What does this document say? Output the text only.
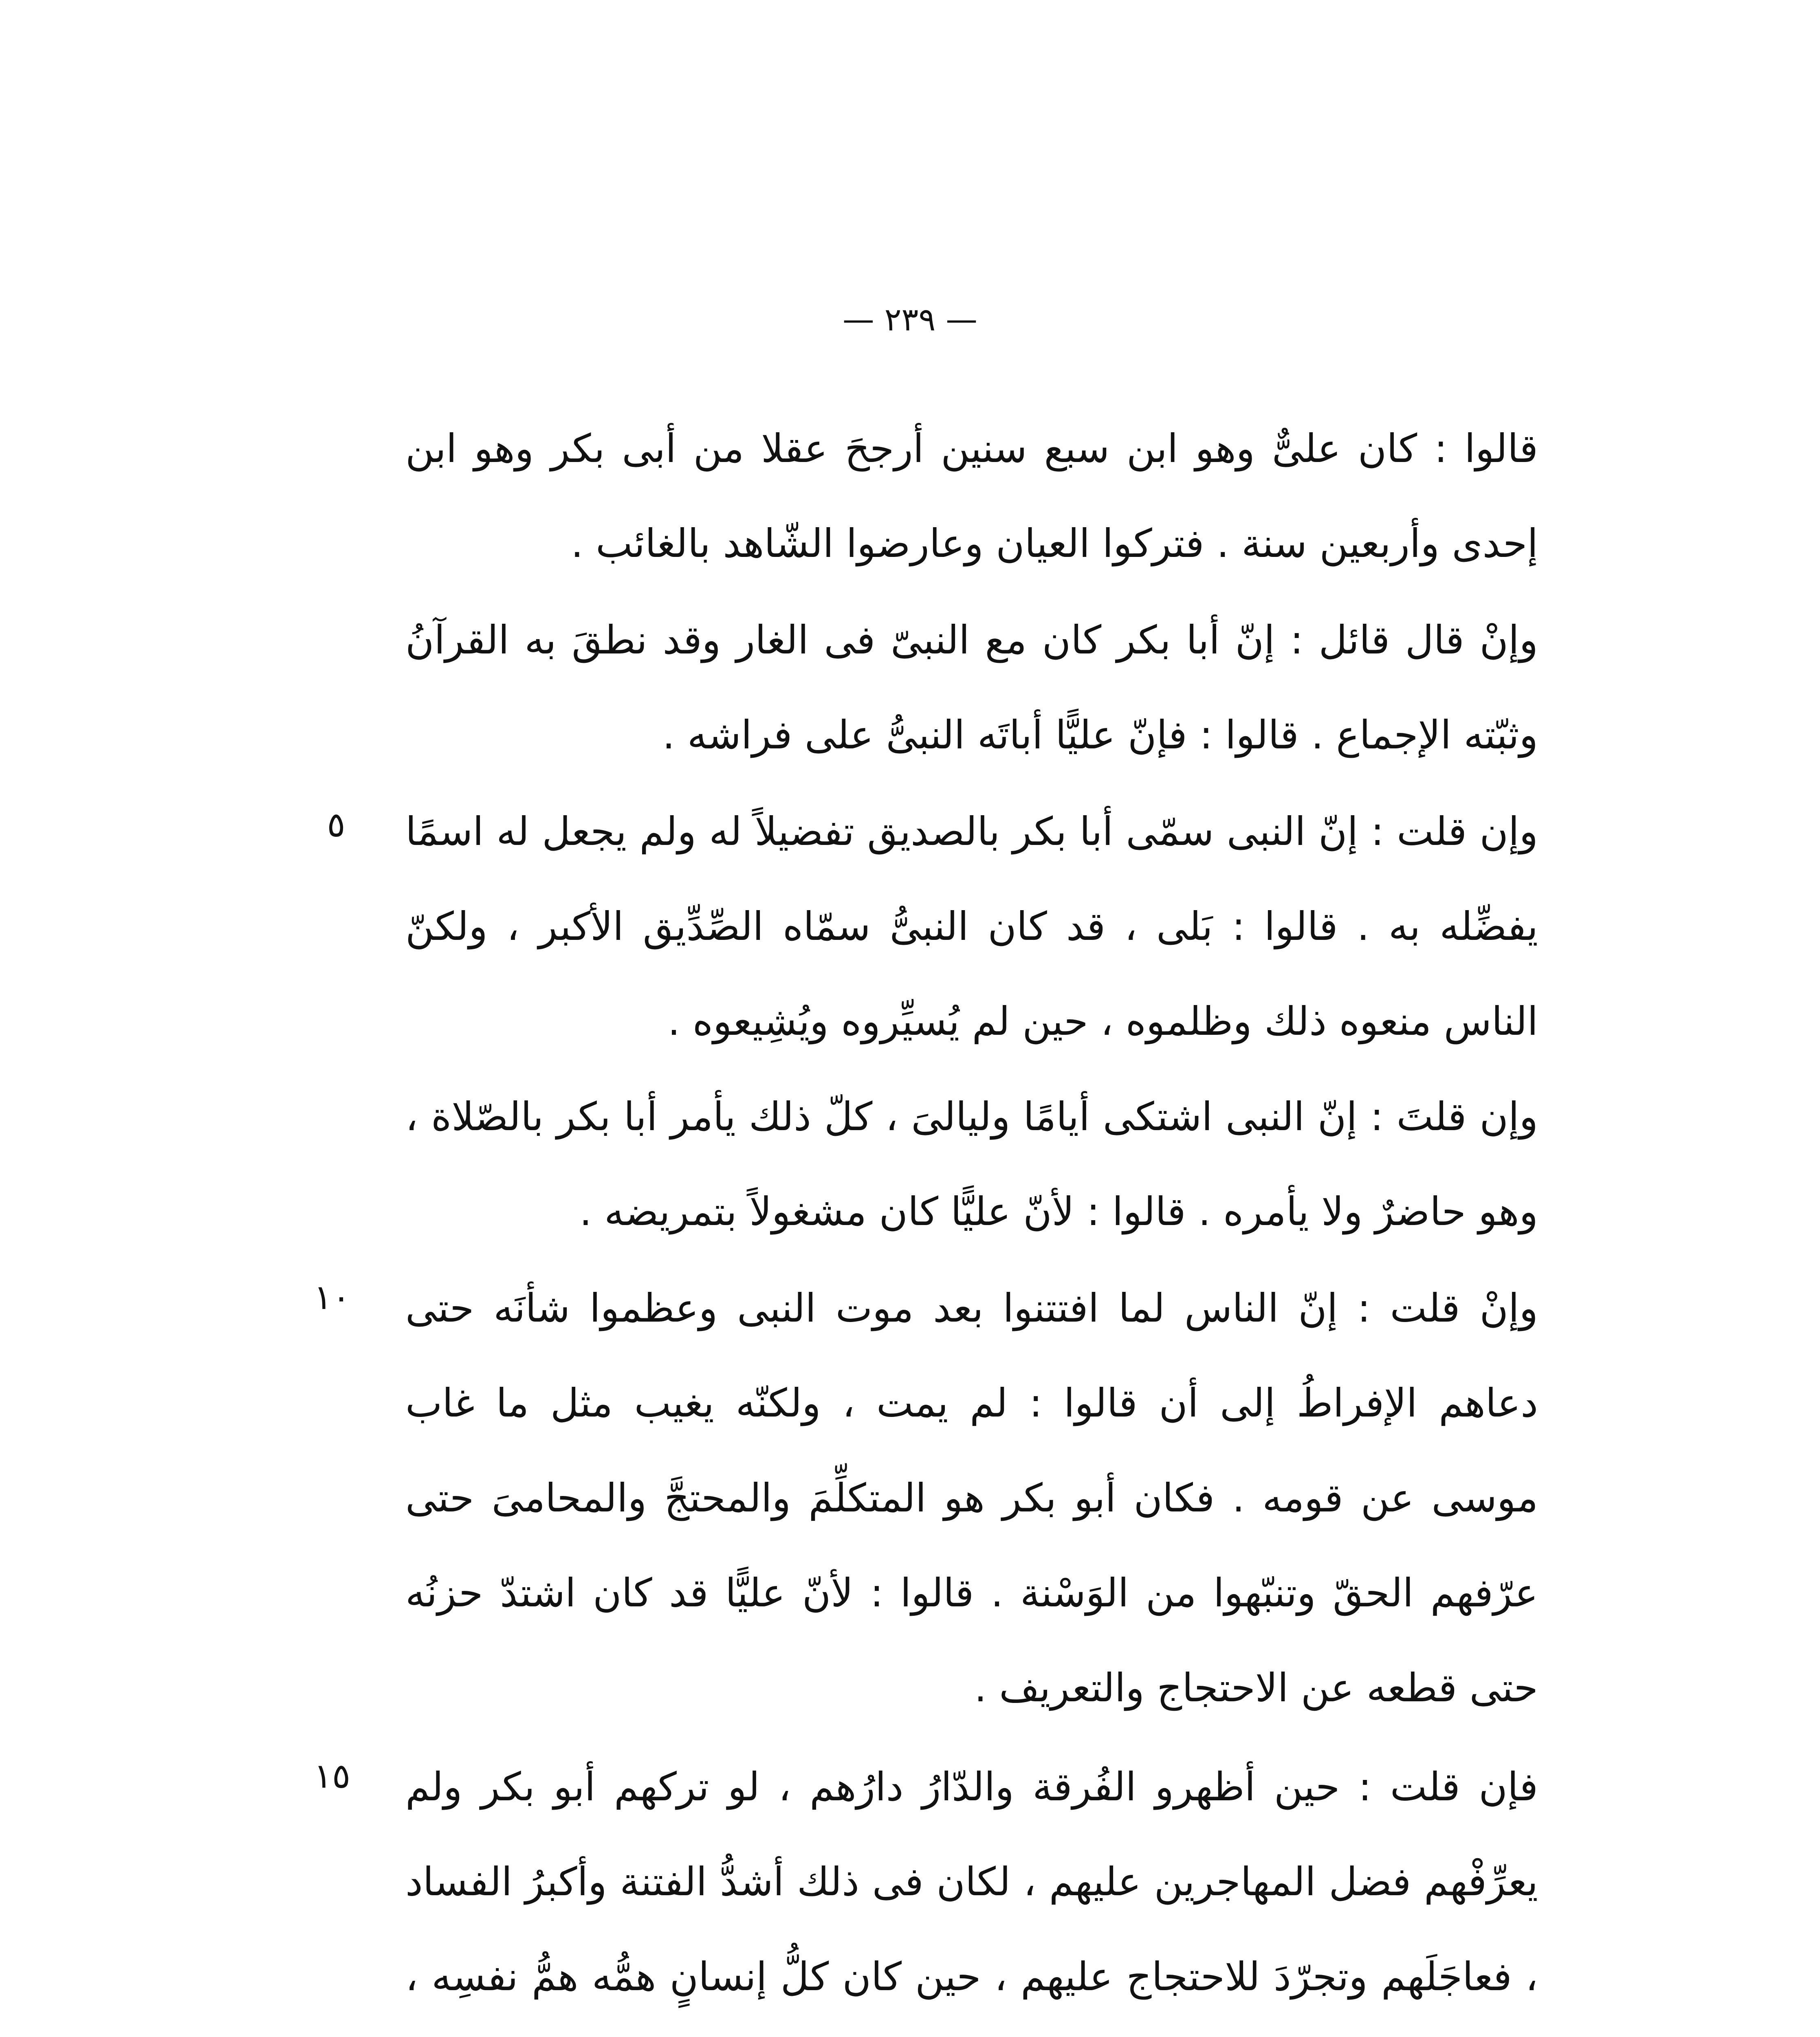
— ٢٣٩ —
قالوا : كان علىٌّ وهو ابن سبع سنين أرجحَ عقلا من أبى بكر وهو ابن إحدى وأربعين سنة . فتركوا العيان وعارضوا الشّاهد بالغائب .
وإنْ قال قائل : إنّ أبا بكر كان مع النبىّ فى الغار وقد نطقَ به القرآنُ وثبّته الإجماع . قالوا : فإنّ عليًّا أباتَه النبىُّ على فراشه .
وإن قلت : إنّ النبى سمّى أبا بكر بالصديق تفضيلاً له ولم يجعل له اسمًا يفضِّله به . قالوا : بَلى ، قد كان النبىُّ سمّاه الصِّدِّيق الأكبر ، ولكنّ الناس منعوه ذلك وظلموه ، حين لم يُسيِّروه ويُشِيعوه .
وإن قلتَ : إنّ النبى اشتكى أيامًا وليالىَ ، كلّ ذلك يأمر أبا بكر بالصّلاة ، وهو حاضرٌ ولا يأمره . قالوا : لأنّ عليًّا كان مشغولاً بتمريضه .
وإنْ قلت : إنّ الناس لما افتتنوا بعد موت النبى وعظموا شأنَه حتى دعاهم الإفراطُ إلى أن قالوا : لم يمت ، ولكنّه يغيب مثل ما غاب موسى عن قومه . فكان أبو بكر هو المتكلِّمَ والمحتجَّ والمحامىَ حتى عرّفهم الحقّ وتنبّهوا من الوَسْنة . قالوا : لأنّ عليًّا قد كان اشتدّ حزنُه حتى قطعه عن الاحتجاج والتعريف .
فإن قلت : حين أظهرو الفُرقة والدّارُ دارُهم ، لو تركهم أبو بكر ولم يعرِّفْهم فضل المهاجرين عليهم ، لكان فى ذلك أشدُّ الفتنة وأكبرُ الفساد ، فعاجَلَهم وتجرّدَ للاحتجاج عليهم ، حين كان كلُّ إنسانٍ همُّه همُّ نفسِه ،
٥
١٠
١٥
